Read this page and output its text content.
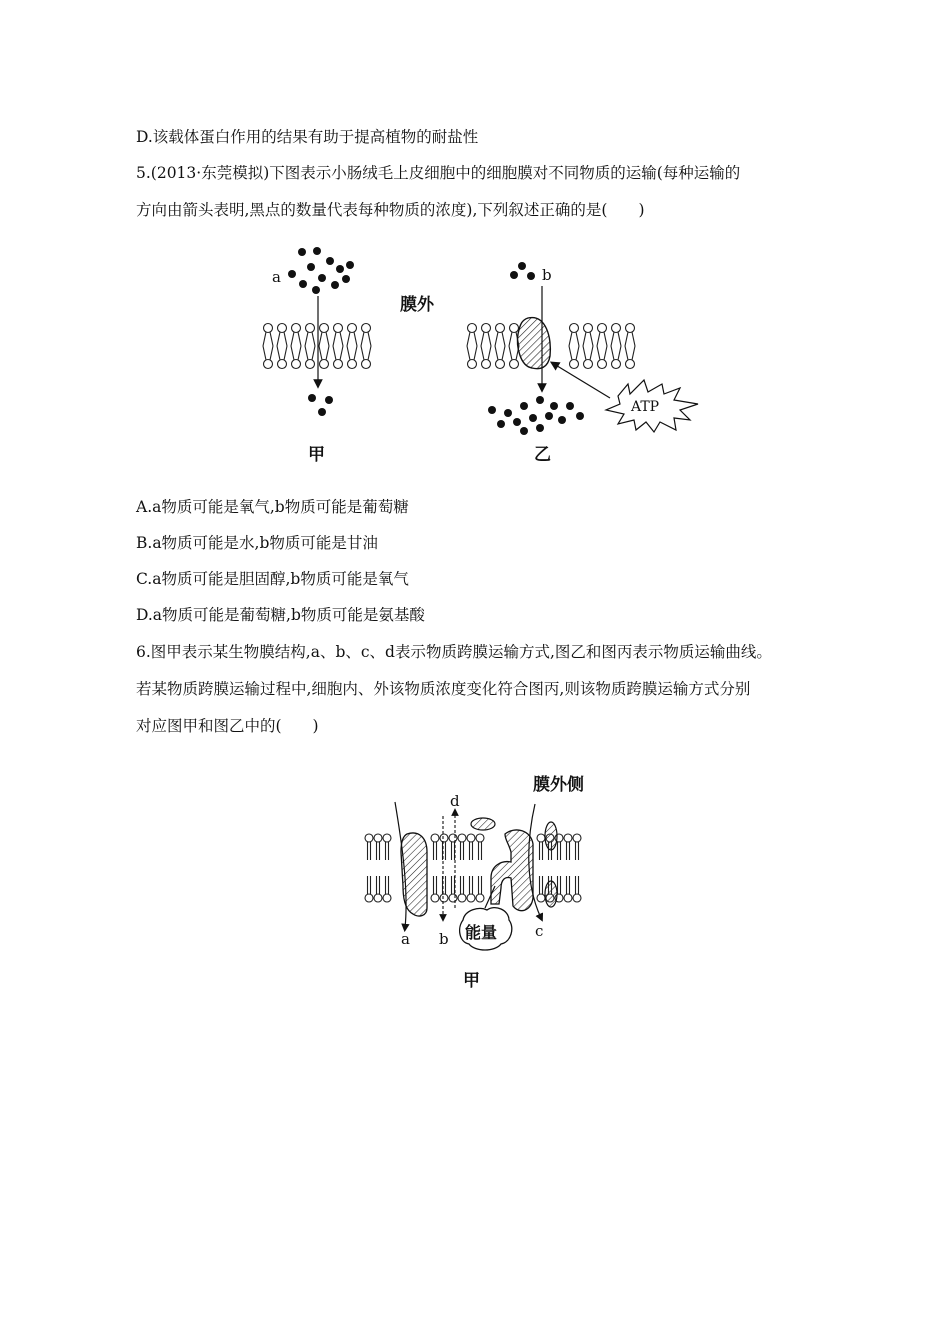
D.该载体蛋白作用的结果有助于提高植物的耐盐性
5.(2013·东莞模拟)下图表示小肠绒毛上皮细胞中的细胞膜对不同物质的运输(每种运输的
方向由箭头表明,黑点的数量代表每种物质的浓度),下列叙述正确的是(　　)
a	b
膜外
ATP
甲	乙
A.a物质可能是氧气,b物质可能是葡萄糖
B.a物质可能是水,b物质可能是甘油
C.a物质可能是胆固醇,b物质可能是氧气
D.a物质可能是葡萄糖,b物质可能是氨基酸
6.图甲表示某生物膜结构,a、b、c、d表示物质跨膜运输方式,图乙和图丙表示物质运输曲线。
若某物质跨膜运输过程中,细胞内、外该物质浓度变化符合图丙,则该物质跨膜运输方式分别
对应图甲和图乙中的(　　)
膜外侧
a
d
b	c
能量
甲
